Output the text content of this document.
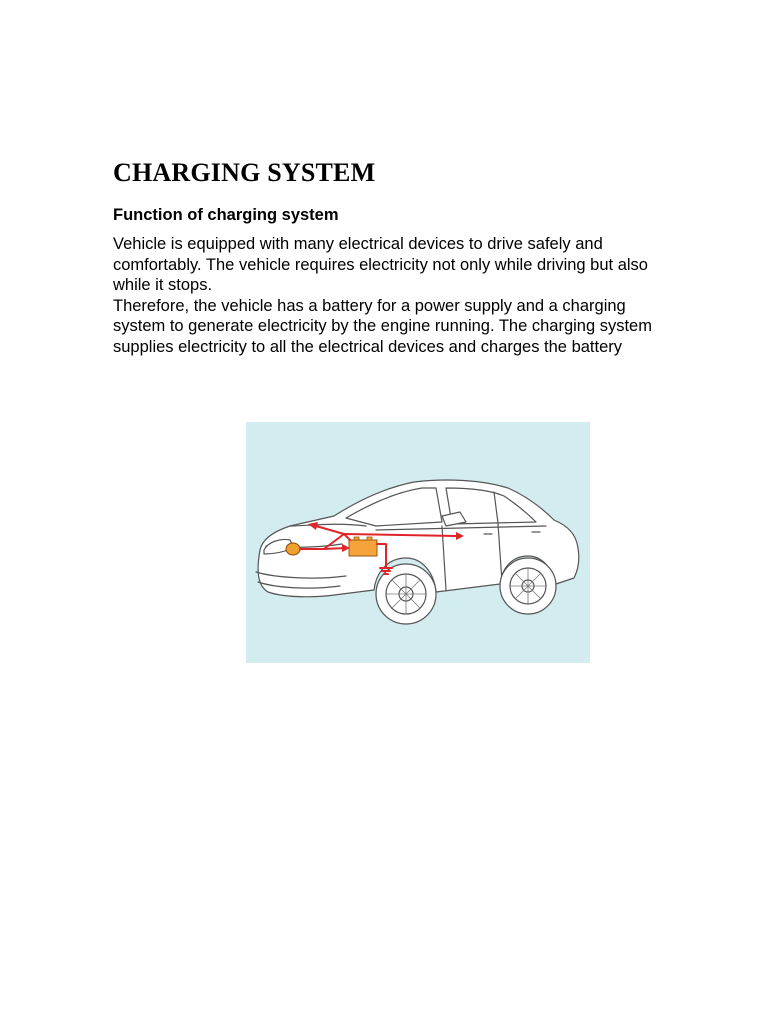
CHARGING SYSTEM
Function of charging system

Vehicle is equipped with many electrical devices to drive safely and comfortably. The vehicle requires electricity not only while driving but also while it stops.

Therefore, the vehicle has a battery for a power supply and a charging system to generate electricity by the engine running. The charging system supplies electricity to all the electrical devices and charges the battery
